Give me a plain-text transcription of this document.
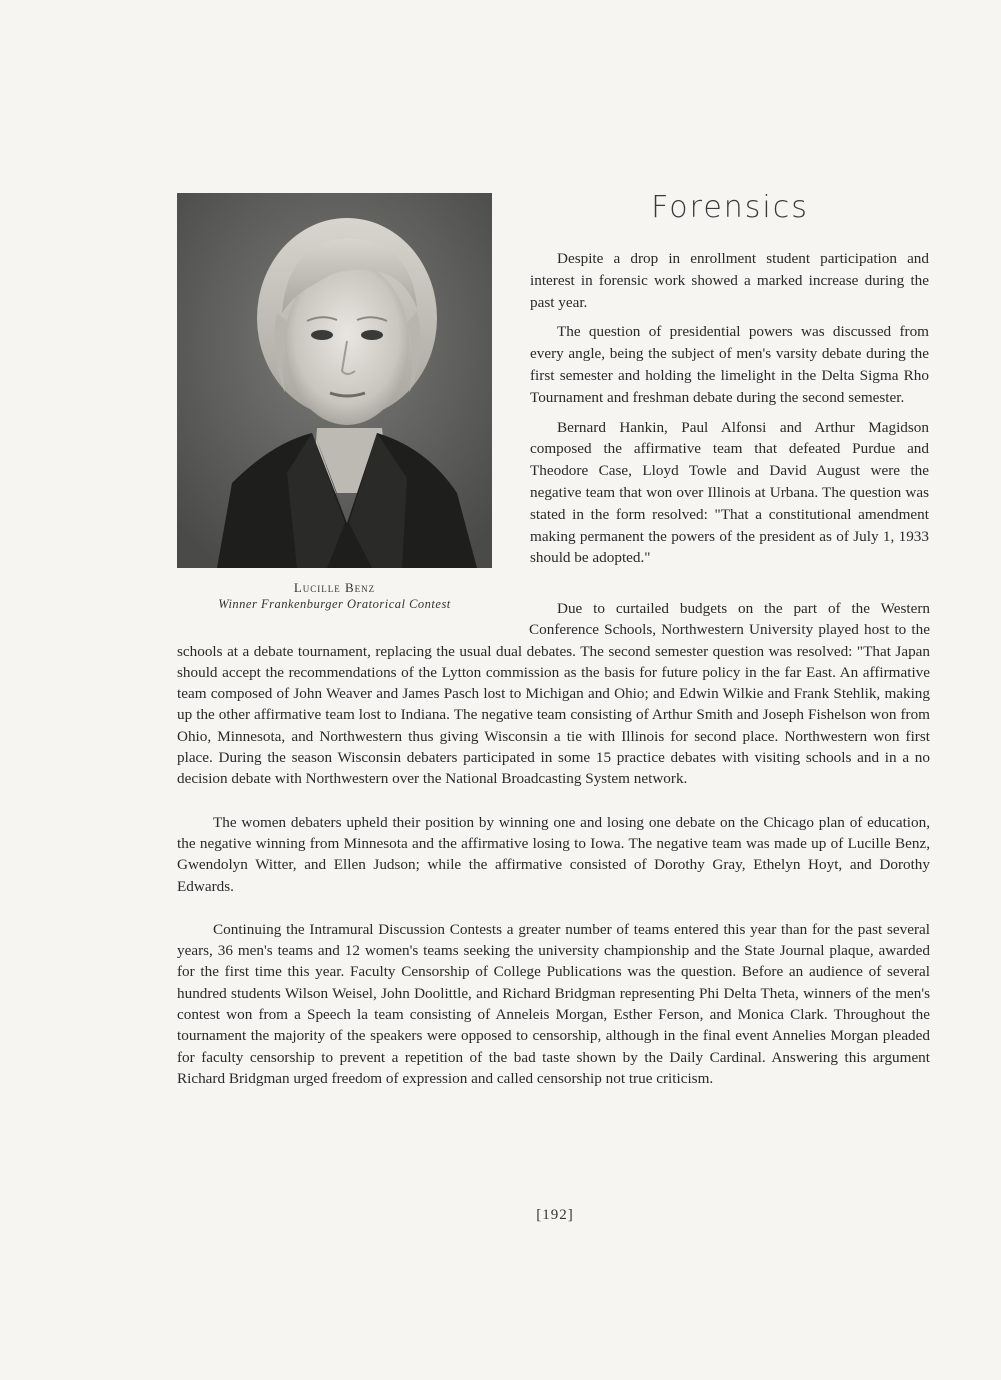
Lucille Benz
Winner Frankenburger Oratorical Contest
Forensics

Despite a drop in enrollment student participation and interest in forensic work showed a marked increase during the past year.

The question of presidential powers was discussed from every angle, being the subject of men's varsity debate during the first semester and holding the limelight in the Delta Sigma Rho Tournament and freshman debate during the second semester.

Bernard Hankin, Paul Alfonsi and Arthur Magidson composed the affirmative team that defeated Purdue and Theodore Case, Lloyd Towle and David August were the negative team that won over Illinois at Urbana. The question was stated in the form resolved: "That a constitutional amendment making permanent the powers of the president as of July 1, 1933 should be adopted."

Due to curtailed budgets on the part of the Western Conference Schools, Northwestern University played host to the schools at a debate tournament, replacing the usual dual debates. The second semester question was resolved: "That Japan should accept the recommendations of the Lytton commission as the basis for future policy in the far East. An affirmative team composed of John Weaver and James Pasch lost to Michigan and Ohio; and Edwin Wilkie and Frank Stehlik, making up the other affirmative team lost to Indiana. The negative team consisting of Arthur Smith and Joseph Fishelson won from Ohio, Minnesota, and Northwestern thus giving Wisconsin a tie with Illinois for second place. Northwestern won first place. During the season Wisconsin debaters participated in some 15 practice debates with visiting schools and in a no decision debate with Northwestern over the National Broadcasting System network.

The women debaters upheld their position by winning one and losing one debate on the Chicago plan of education, the negative winning from Minnesota and the affirmative losing to Iowa. The negative team was made up of Lucille Benz, Gwendolyn Witter, and Ellen Judson; while the affirmative consisted of Dorothy Gray, Ethelyn Hoyt, and Dorothy Edwards.

Continuing the Intramural Discussion Contests a greater number of teams entered this year than for the past several years, 36 men's teams and 12 women's teams seeking the university championship and the State Journal plaque, awarded for the first time this year. Faculty Censorship of College Publications was the question. Before an audience of several hundred students Wilson Weisel, John Doolittle, and Richard Bridgman representing Phi Delta Theta, winners of the men's contest won from a Speech la team consisting of Anneleis Morgan, Esther Ferson, and Monica Clark. Throughout the tournament the majority of the speakers were opposed to censorship, although in the final event Annelies Morgan pleaded for faculty censorship to prevent a repetition of the bad taste shown by the Daily Cardinal. Answering this argument Richard Bridgman urged freedom of expression and called censorship not true criticism.

[192]
